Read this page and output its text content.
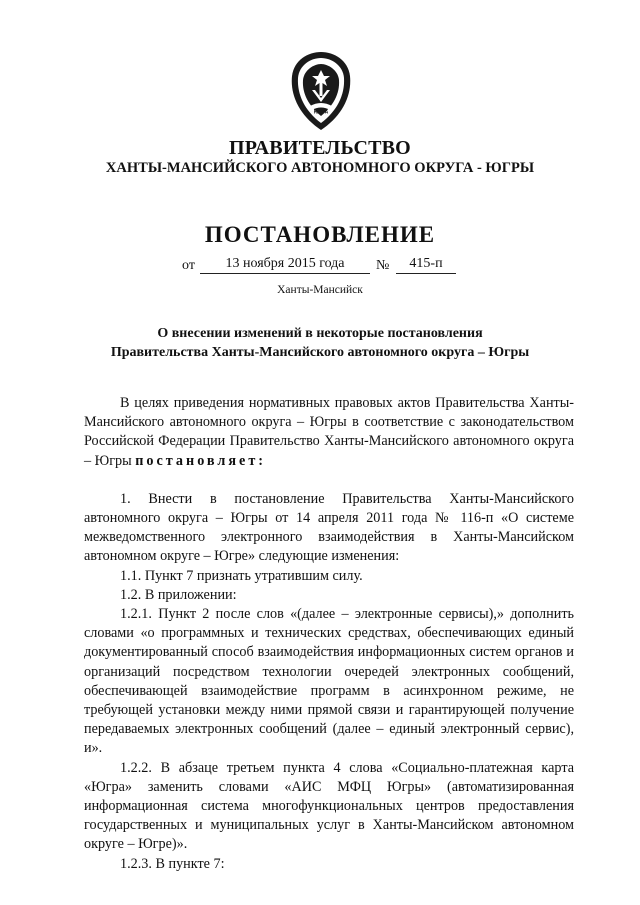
ЮГРА
ПРАВИТЕЛЬСТВО
ХАНТЫ-МАНСИЙСКОГО АВТОНОМНОГО ОКРУГА - ЮГРЫ
ПОСТАНОВЛЕНИЕ
от	13 ноября 2015 года	№	415-п
Ханты-Мансийск
О внесении изменений в некоторые постановления
Правительства Ханты-Мансийского автономного округа – Югры

В целях приведения нормативных правовых актов Правительства Ханты-Мансийского автономного округа – Югры в соответствие с законодательством Российской Федерации Правительство Ханты-Мансийского автономного округа – Югры постановляет:

1. Внести в постановление Правительства Ханты-Мансийского автономного округа – Югры от 14 апреля 2011 года № 116-п «О системе межведомственного электронного взаимодействия в Ханты-Мансийском автономном округе – Югре» следующие изменения:

1.1. Пункт 7 признать утратившим силу.

1.2. В приложении:

1.2.1. Пункт 2 после слов «(далее – электронные сервисы),» дополнить словами «о программных и технических средствах, обеспечивающих единый документированный способ взаимодействия информационных систем органов и организаций посредством технологии очередей электронных сообщений, обеспечивающей взаимодействие программ в асинхронном режиме, не требующей установки между ними прямой связи и гарантирующей получение передаваемых электронных сообщений (далее – единый электронный сервис), и».

1.2.2. В абзаце третьем пункта 4 слова «Социально-платежная карта «Югра» заменить словами «АИС МФЦ Югры» (автоматизированная информационная система многофункциональных центров предоставления государственных и муниципальных услуг в Ханты-Мансийском автономном округе – Югре)».

1.2.3. В пункте 7:
